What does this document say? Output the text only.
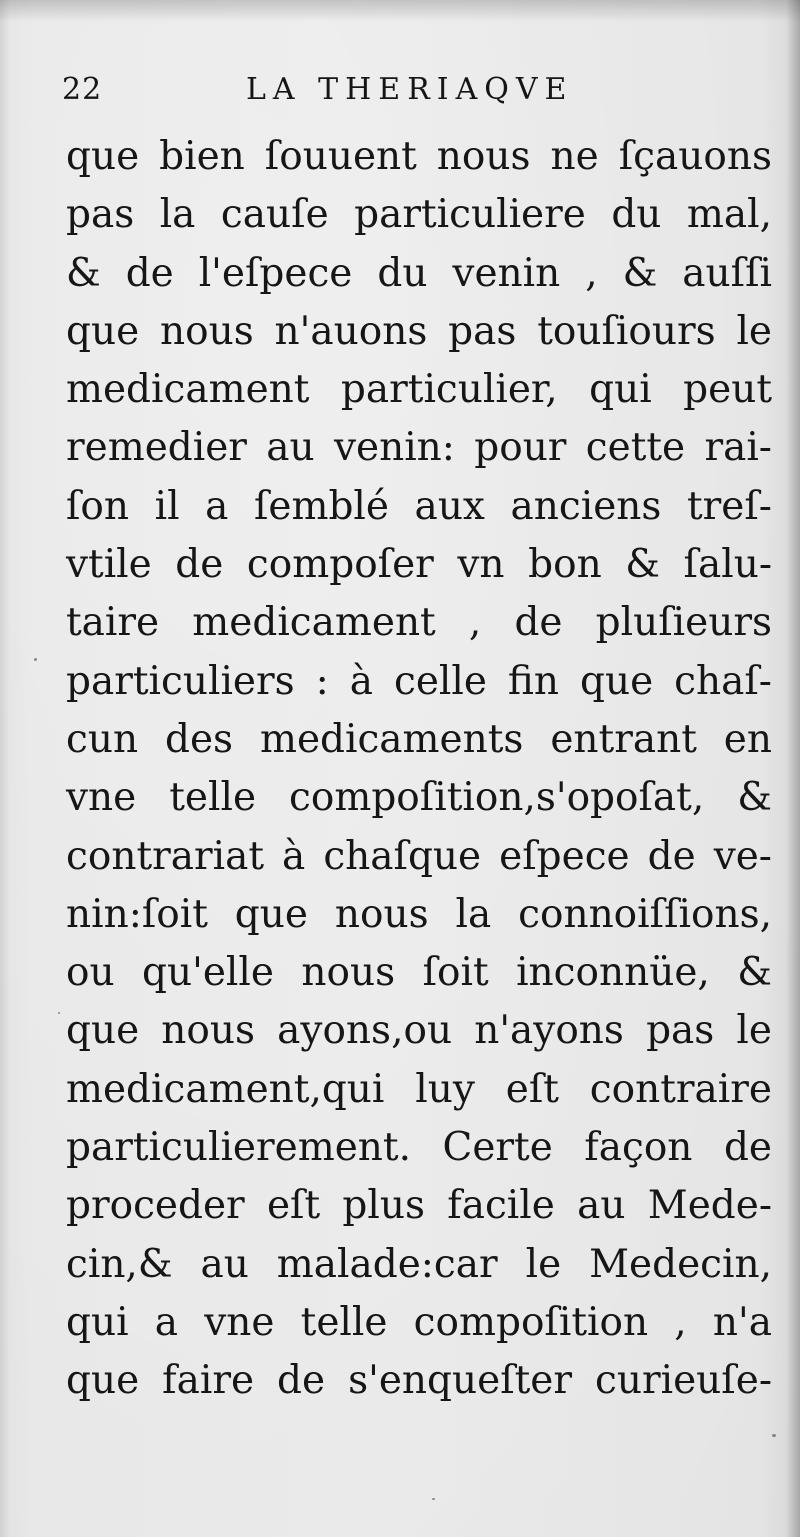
22	LA THERIAQVE
que bien ſouuent nous ne ſçauons
pas la cauſe particuliere du mal,
& de l'eſpece du venin , & auſſi
que nous n'auons pas touſiours le
medicament particulier, qui peut
remedier au venin: pour cette rai-
ſon il a ſemblé aux anciens treſ-
vtile de compoſer vn bon & ſalu-
taire medicament , de pluſieurs
particuliers : à celle fin que chaſ-
cun des medicaments entrant en
vne telle compoſition,s'opoſat, &
contrariat à chaſque eſpece de ve-
nin:ſoit que nous la connoiſſions,
ou qu'elle nous ſoit inconnüe, &
que nous ayons,ou n'ayons pas le
medicament,qui luy eſt contraire
particulierement. Certe façon de
proceder eſt plus facile au Mede-
cin,& au malade:car le Medecin,
qui a vne telle compoſition , n'a
que faire de s'enqueſter curieuſe-
